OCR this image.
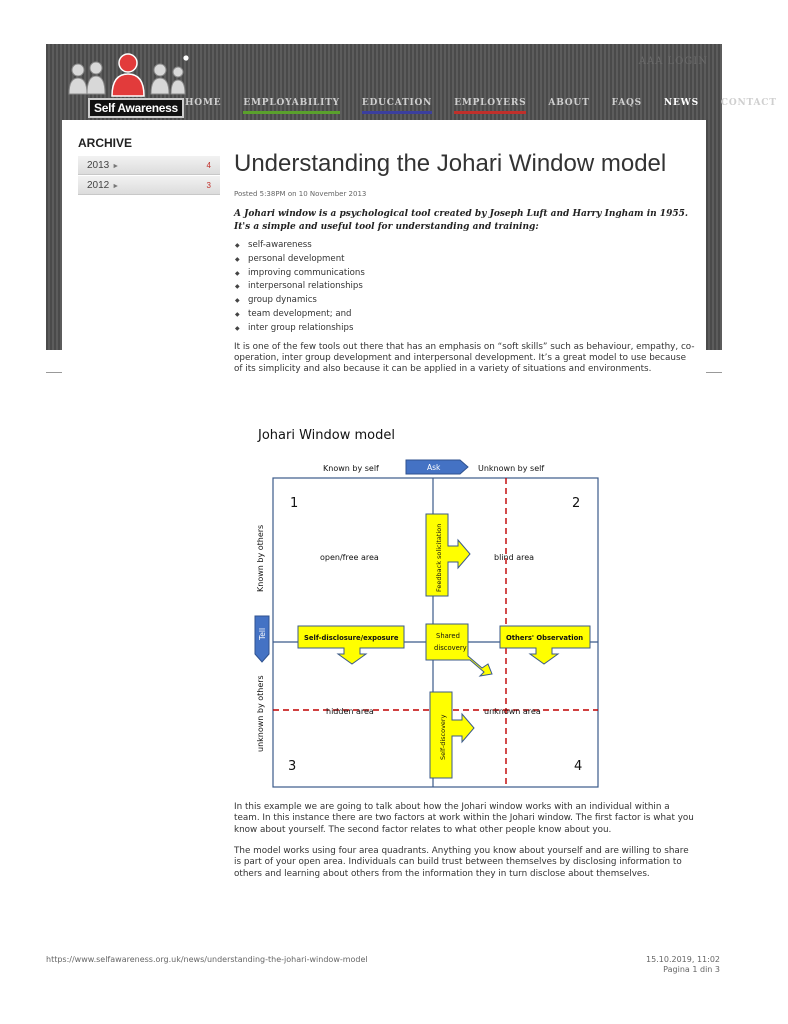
Self Awareness
AAA LOGIN
HOME	EMPLOYABILITY	EDUCATION	EMPLOYERS	ABOUT	FAQS	NEWS	CONTACT
ARCHIVE
2013 ►	4
2012 ►	3
Understanding the Johari Window model
Posted 5:38PM on 10 November 2013
A Johari window is a psychological tool created by Joseph Luft and Harry Ingham in 1955. It's a simple and useful tool for understanding and training:
◆ self-awareness
◆ personal development
◆ improving communications
◆ interpersonal relationships
◆ group dynamics
◆ team development; and
◆ inter group relationships

It is one of the few tools out there that has an emphasis on “soft skills” such as behaviour, empathy, co-operation, inter group development and interpersonal development. It’s a great model to use because of its simplicity and also because it can be applied in a variety of situations and environments.

Johari Window model
Known by self	Ask	Unknown by self
Known by others
Tell
unknown by others
1	2
3	4
open/free area	blind area
hidden area	unknown area
Feedback solicitation
Self-disclosure/exposure	Shared
discovery
Others' Observation
Self-discovery

In this example we are going to talk about how the Johari window works with an individual within a team. In this instance there are two factors at work within the Johari window. The first factor is what you know about yourself. The second factor relates to what other people know about you.

The model works using four area quadrants. Anything you know about yourself and are willing to share is part of your open area. Individuals can build trust between themselves by disclosing information to others and learning about others from the information they in turn disclose about themselves.

https://www.selfawareness.org.uk/news/understanding-the-johari-window-model	15.10.2019, 11:02
Pagina 1 din 3
